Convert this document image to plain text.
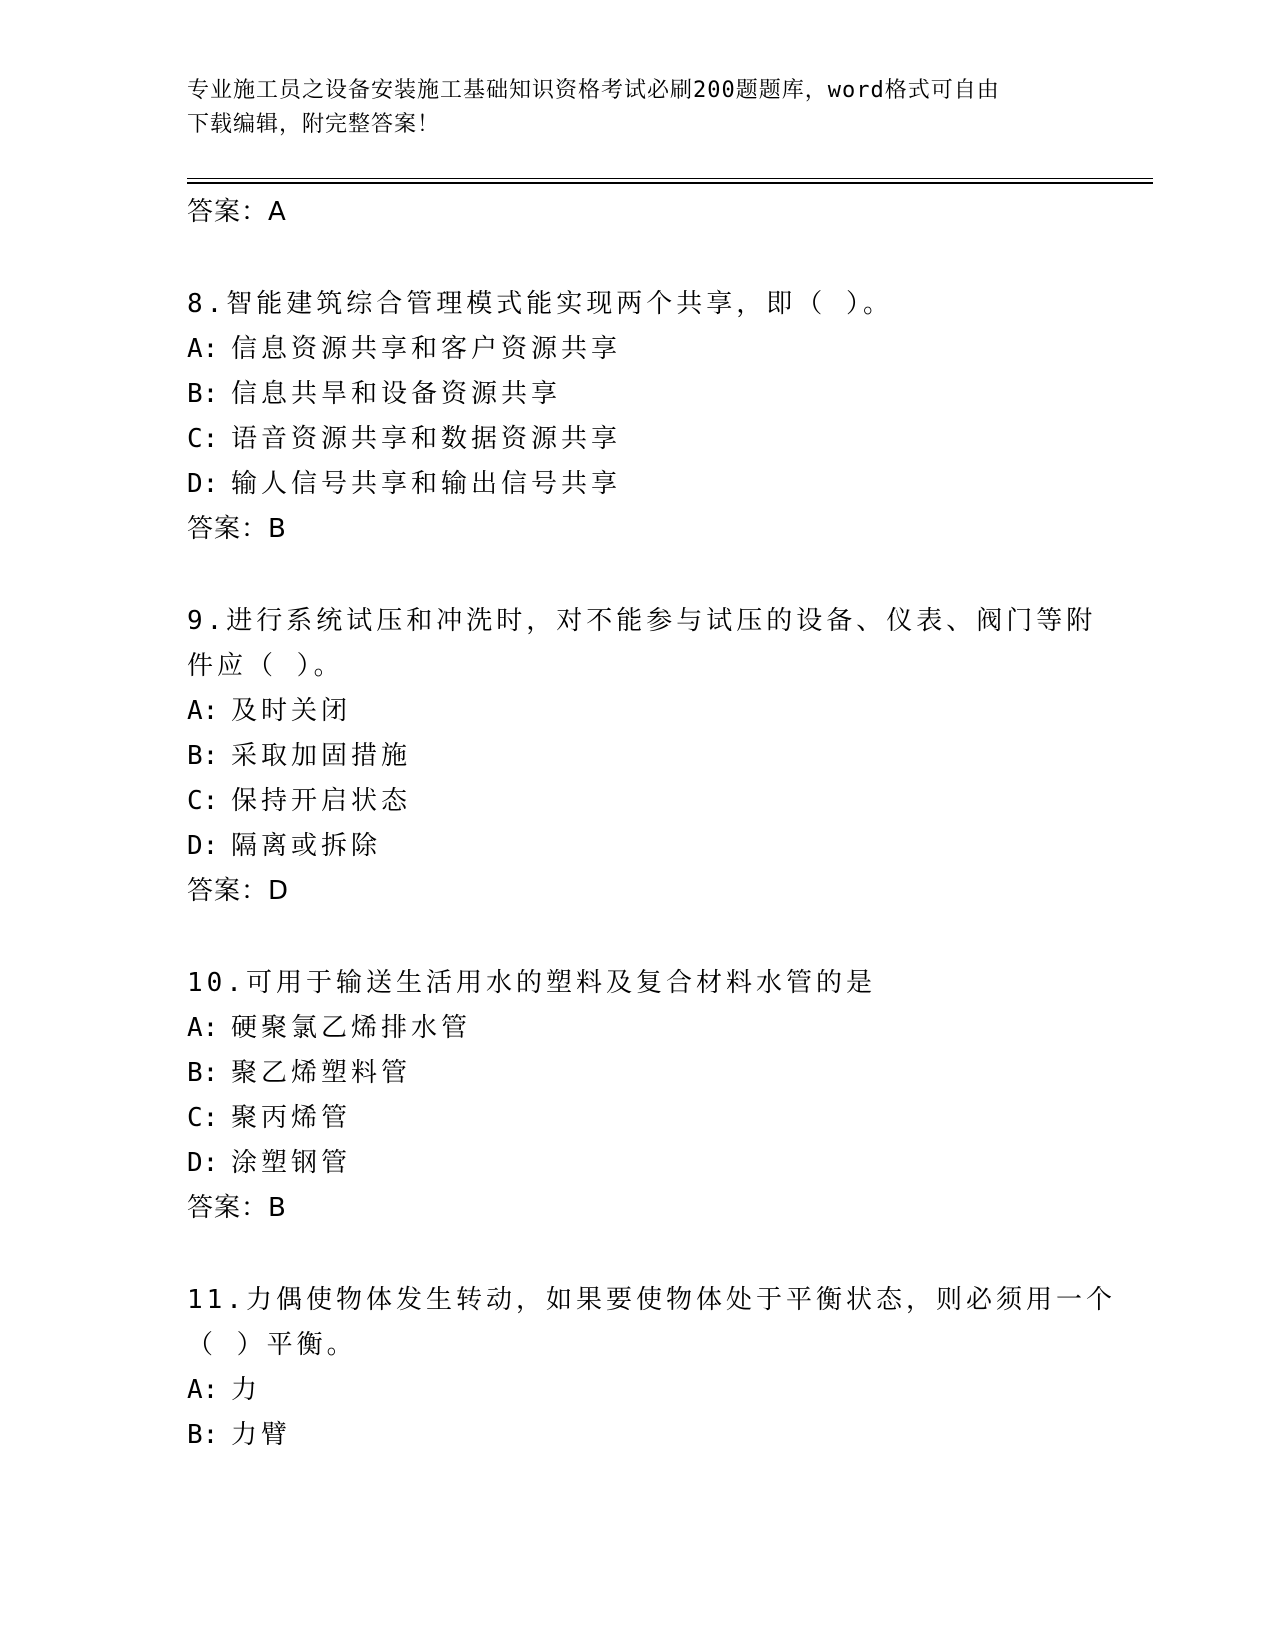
专业施工员之设备安装施工基础知识资格考试必刷200题题库，word格式可自由
下载编辑，附完整答案！
答案：A
8.智能建筑综合管理模式能实现两个共享，即（ ）。
A: 信息资源共享和客户资源共享
B: 信息共旱和设备资源共享
C: 语音资源共享和数据资源共享
D: 输人信号共享和输出信号共享
答案：B
9.进行系统试压和冲洗时，对不能参与试压的设备、仪表、阀门等附
件应（ ）。
A: 及时关闭
B: 采取加固措施
C: 保持开启状态
D: 隔离或拆除
答案：D
10.可用于输送生活用水的塑料及复合材料水管的是
A: 硬聚氯乙烯排水管
B: 聚乙烯塑料管
C: 聚丙烯管
D: 涂塑钢管
答案：B
11.力偶使物体发生转动，如果要使物体处于平衡状态，则必须用一个
（ ）平衡。
A: 力
B: 力臂
